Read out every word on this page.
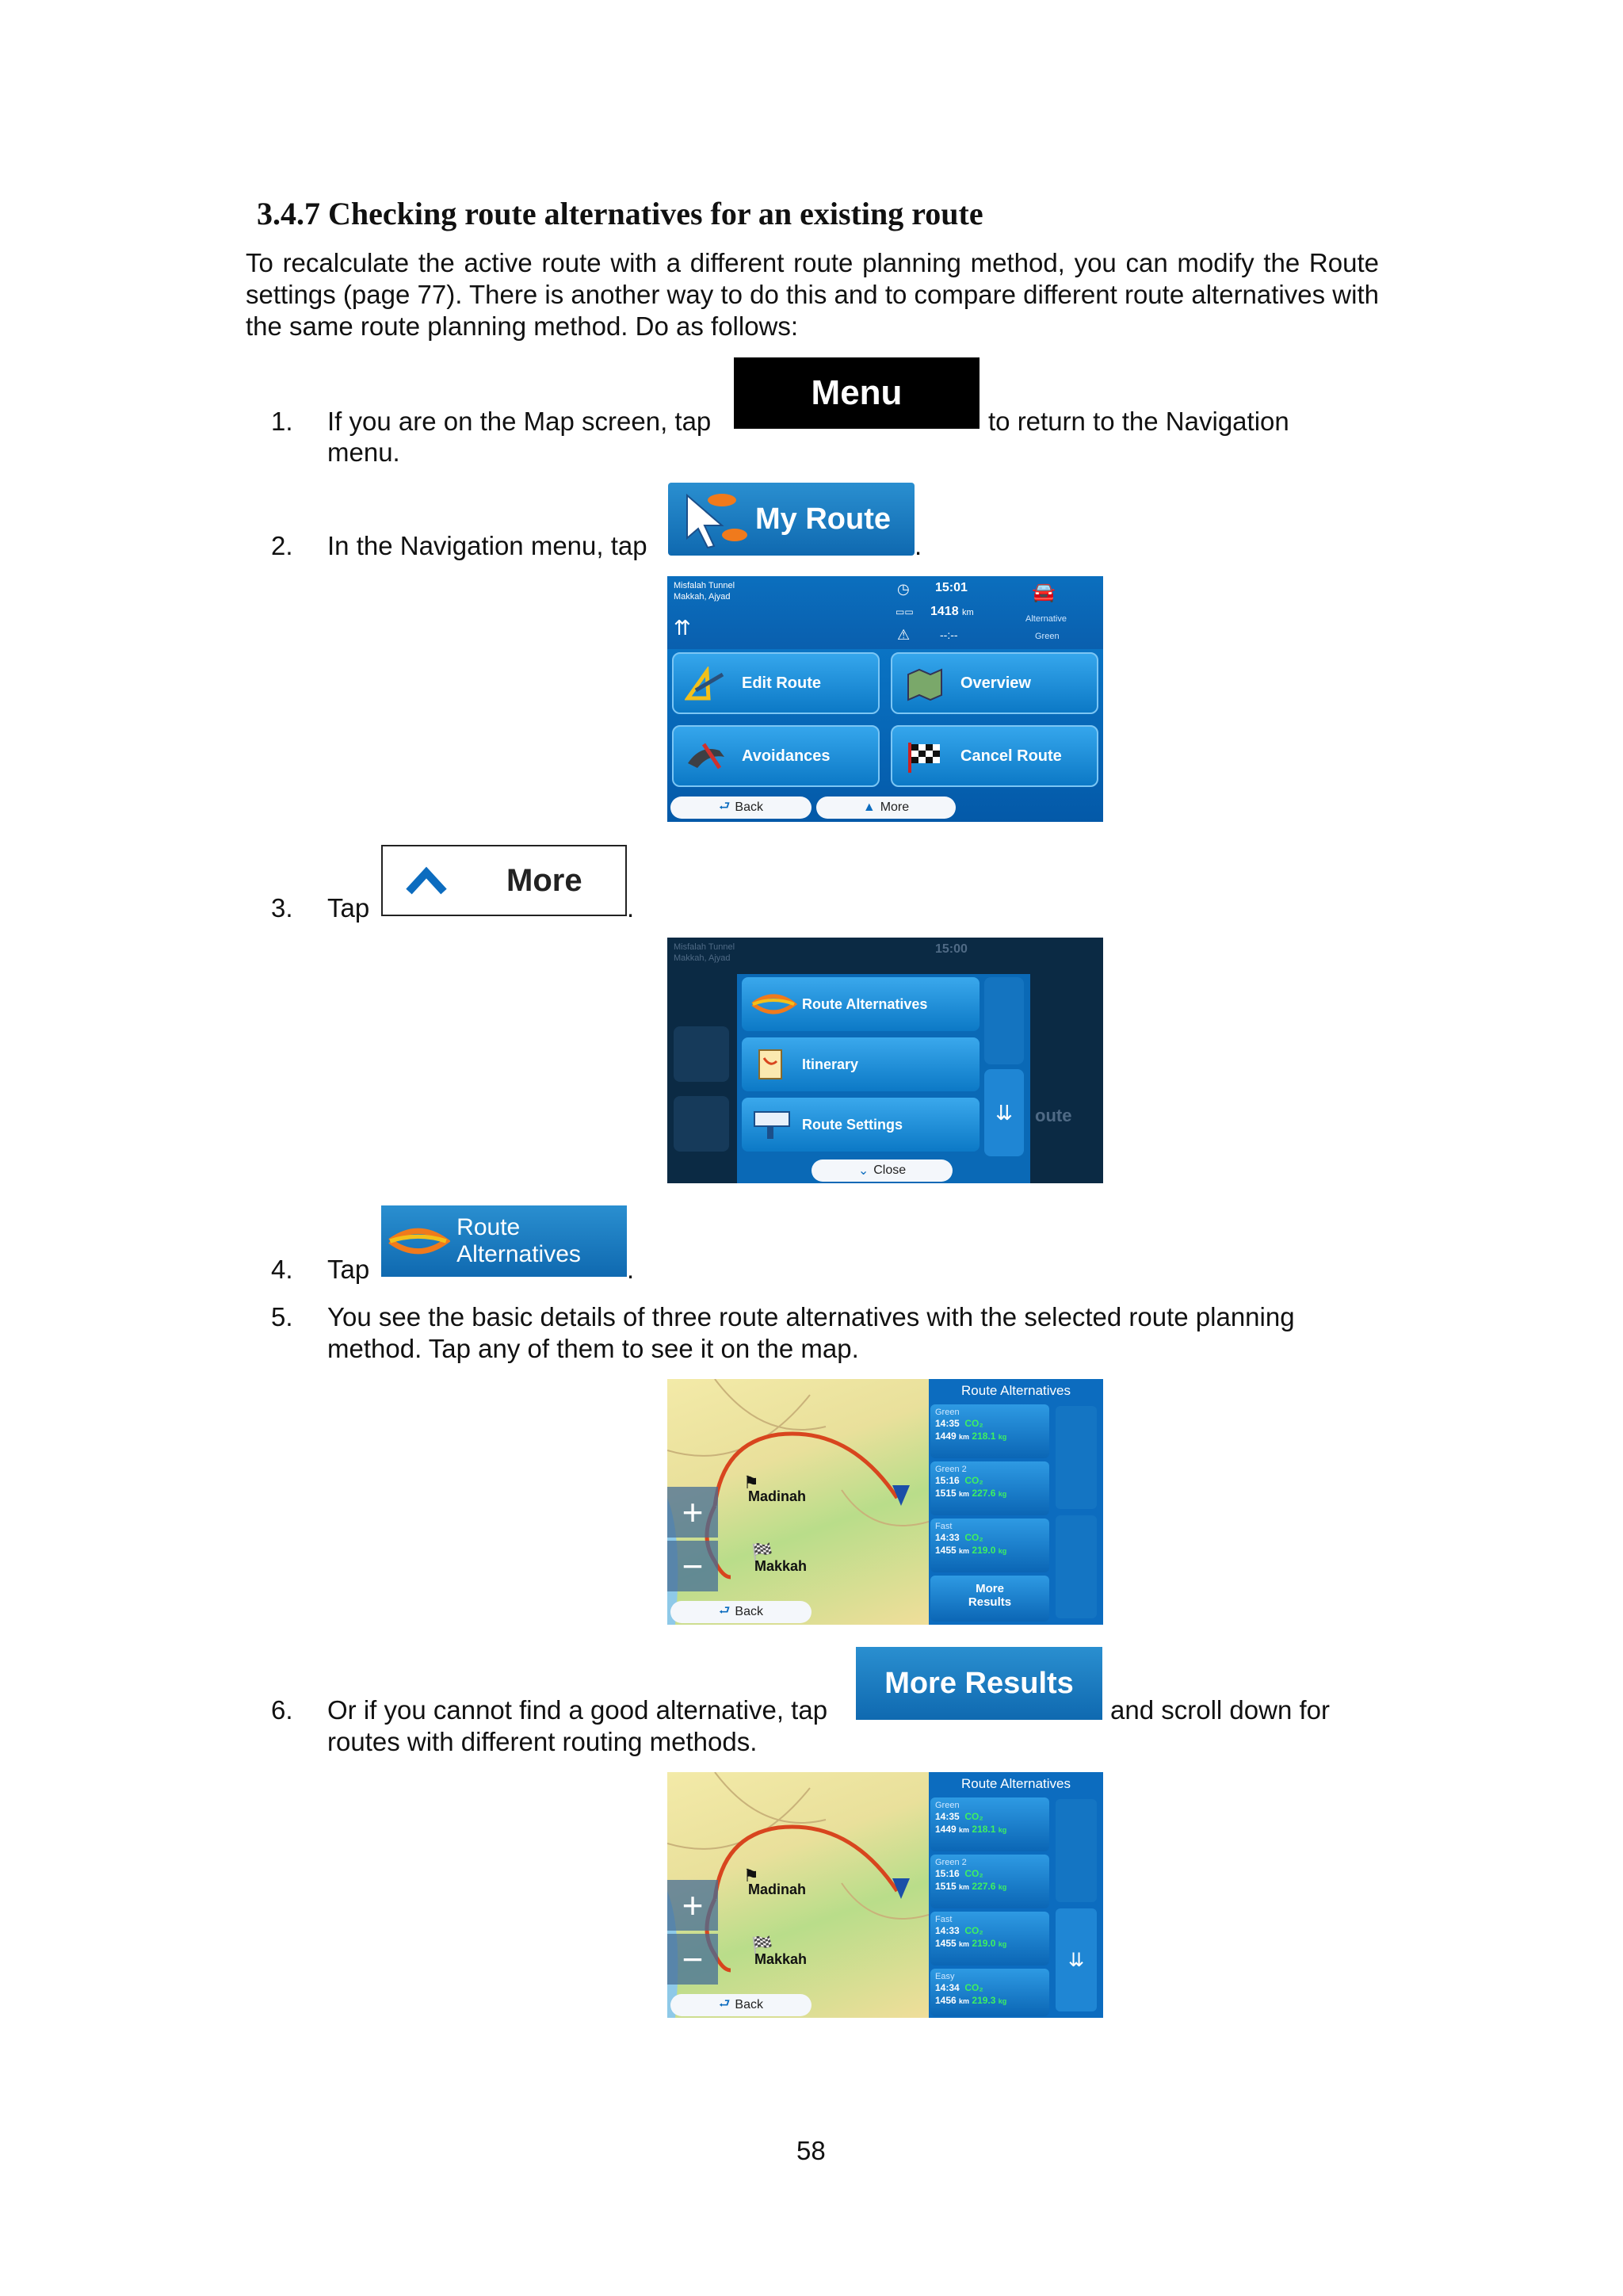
3.4.7 Checking route alternatives for an existing route
To recalculate the active route with a different route planning method, you can modify the Route settings (page 77). There is another way to do this and to compare different route alternatives with the same route planning method. Do as follows:
1. If you are on the Map screen, tap
Menu
to return to the Navigation
menu.
2. In the Navigation menu, tap
My Route
.
Misfalah Tunnel
Makkah, Ajyad
⇈
◷ 15:01
▭▭ 1418 km
⚠	--:--
🚘
Alternative
Green
Edit Route	Overview
Avoidances	Cancel Route
⮐ Back	▲ More
3. Tap
More
.
Misfalah Tunnel
Makkah, Ajyad
15:00
oute
Route Alternatives
Itinerary
Route Settings	⇊
⌄ Close
4. Tap
Route Alternatives
.
5. You see the basic details of three route alternatives with the selected route planning
method. Tap any of them to see it on the map.
+
−
⚑
🏁
Madinah
Makkah
⮐ Back
Route Alternatives
Green
14:35 CO₂
1449 km 218.1 kg
Green 2
15:16 CO₂
1515 km 227.6 kg
Fast
14:33 CO₂
1455 km 219.0 kg
More
Results
6. Or if you cannot find a good alternative, tap
More Results
and scroll down for
routes with different routing methods.
+
−
⚑
🏁
Madinah
Makkah
⮐ Back
Route Alternatives
Green
14:35 CO₂
1449 km 218.1 kg
Green 2
15:16 CO₂
1515 km 227.6 kg
Fast
14:33 CO₂
1455 km 219.0 kg
Easy
14:34 CO₂
1456 km 219.3 kg
⇊
58
